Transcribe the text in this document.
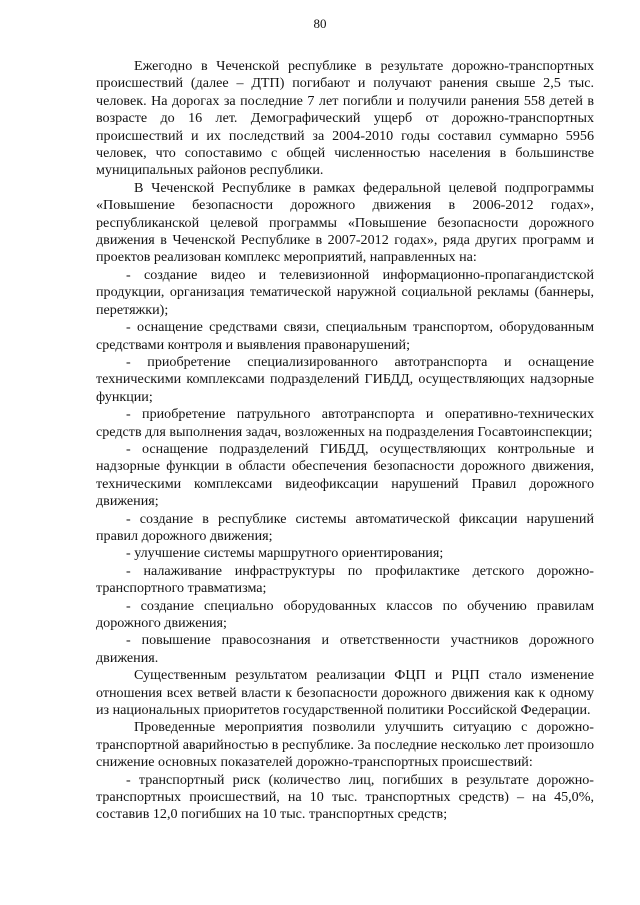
80

Ежегодно в Чеченской республике в результате дорожно-транспортных происшествий (далее – ДТП) погибают и получают ранения свыше 2,5 тыс. человек. На дорогах за последние 7 лет погибли и получили ранения 558 детей в возрасте до 16 лет. Демографический ущерб от дорожно-транспортных происшествий и их последствий за 2004-2010 годы составил суммарно 5956 человек, что сопоставимо с общей численностью населения в большинстве муниципальных районов республики.

В Чеченской Республике в рамках федеральной целевой подпрограммы «Повышение безопасности дорожного движения в 2006-2012 годах», республиканской целевой программы «Повышение безопасности дорожного движения в Чеченской Республике в 2007-2012 годах», ряда других программ и проектов реализован комплекс мероприятий, направленных на:

- создание видео и телевизионной информационно-пропагандистской продукции, организация тематической наружной социальной рекламы (баннеры, перетяжки);

- оснащение средствами связи, специальным транспортом, оборудованным средствами контроля и выявления правонарушений;

- приобретение специализированного автотранспорта и оснащение техническими комплексами подразделений ГИБДД, осуществляющих надзорные функции;

- приобретение патрульного автотранспорта и оперативно-технических средств для выполнения задач, возложенных на подразделения Госавтоинспекции;

- оснащение подразделений ГИБДД, осуществляющих контрольные и надзорные функции в области обеспечения безопасности дорожного движения, техническими комплексами видеофиксации нарушений Правил дорожного движения;

- создание в республике системы автоматической фиксации нарушений правил дорожного движения;

- улучшение системы маршрутного ориентирования;

- налаживание инфраструктуры по профилактике детского дорожно-транспортного травматизма;

- создание специально оборудованных классов по обучению правилам дорожного движения;

- повышение правосознания и ответственности участников дорожного движения.

Существенным результатом реализации ФЦП и РЦП стало изменение отношения всех ветвей власти к безопасности дорожного движения как к одному из национальных приоритетов государственной политики Российской Федерации.

Проведенные мероприятия позволили улучшить ситуацию с дорожно-транспортной аварийностью в республике. За последние несколько лет произошло снижение основных показателей дорожно-транспортных происшествий:

- транспортный риск (количество лиц, погибших в результате дорожно-транспортных происшествий, на 10 тыс. транспортных средств) – на 45,0%, составив 12,0 погибших на 10 тыс. транспортных средств;
